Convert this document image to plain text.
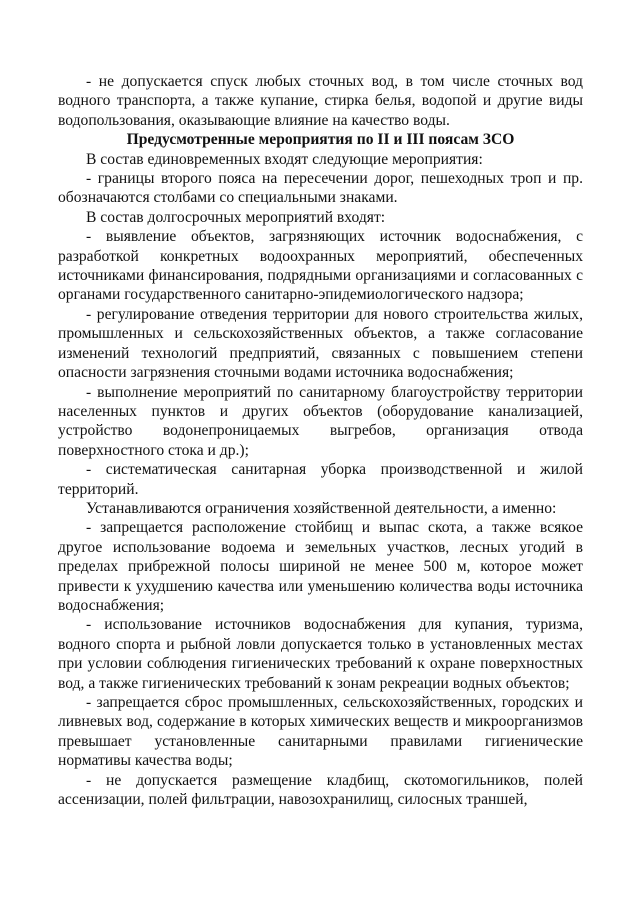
- не допускается спуск любых сточных вод, в том числе сточных вод водного транспорта, а также купание, стирка белья, водопой и другие виды водопользования, оказывающие влияние на качество воды.

Предусмотренные мероприятия по II и III поясам ЗСО

В состав единовременных входят следующие мероприятия:

- границы второго пояса на пересечении дорог, пешеходных троп и пр. обозначаются столбами со специальными знаками.

В состав долгосрочных мероприятий входят:

- выявление объектов, загрязняющих источник водоснабжения, с разработкой конкретных водоохранных мероприятий, обеспеченных источниками финансирования, подрядными организациями и согласованных с органами государственного санитарно-эпидемиологического надзора;

- регулирование отведения территории для нового строительства жилых, промышленных и сельскохозяйственных объектов, а также согласование изменений технологий предприятий, связанных с повышением степени опасности загрязнения сточными водами источника водоснабжения;

- выполнение мероприятий по санитарному благоустройству территории населенных пунктов и других объектов (оборудование канализацией, устройство водонепроницаемых выгребов, организация отвода поверхностного стока и др.);

- систематическая санитарная уборка производственной и жилой территорий.

Устанавливаются ограничения хозяйственной деятельности, а именно:

- запрещается расположение стойбищ и выпас скота, а также всякое другое использование водоема и земельных участков, лесных угодий в пределах прибрежной полосы шириной не менее 500 м, которое может привести к ухудшению качества или уменьшению количества воды источника водоснабжения;

- использование источников водоснабжения для купания, туризма, водного спорта и рыбной ловли допускается только в установленных местах при условии соблюдения гигиенических требований к охране поверхностных вод, а также гигиенических требований к зонам рекреации водных объектов;

- запрещается сброс промышленных, сельскохозяйственных, городских и ливневых вод, содержание в которых химических веществ и микроорганизмов превышает установленные санитарными правилами гигиенические нормативы качества воды;

- не допускается размещение кладбищ, скотомогильников, полей ассенизации, полей фильтрации, навозохранилищ, силосных траншей,
